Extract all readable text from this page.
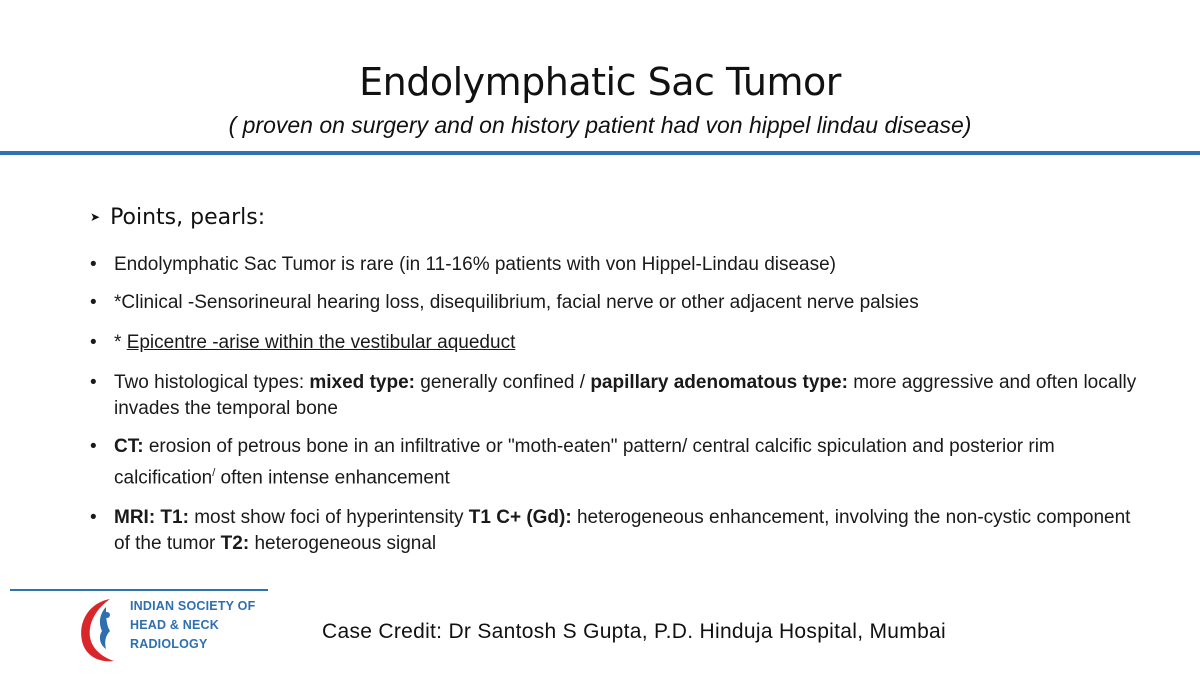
Endolymphatic Sac Tumor
( proven on surgery and on history patient had von hippel lindau disease)
➤ Points, pearls:
• Endolymphatic Sac Tumor is rare (in 11-16% patients with von Hippel-Lindau disease)
• *Clinical -Sensorineural hearing loss, disequilibrium, facial nerve or other adjacent nerve palsies
• * Epicentre -arise within the vestibular aqueduct
• Two histological types: mixed type: generally confined / papillary adenomatous type: more aggressive and often locally invades the temporal bone
• CT: erosion of petrous bone in an infiltrative or "moth-eaten" pattern/ central calcific spiculation and posterior rim calcification/ often intense enhancement
• MRI: T1: most show foci of hyperintensity T1 C+ (Gd): heterogeneous enhancement, involving the non-cystic component of the tumor T2: heterogeneous signal
INDIAN SOCIETY OF
HEAD & NECK
RADIOLOGY
Case Credit: Dr Santosh S Gupta, P.D. Hinduja Hospital, Mumbai
